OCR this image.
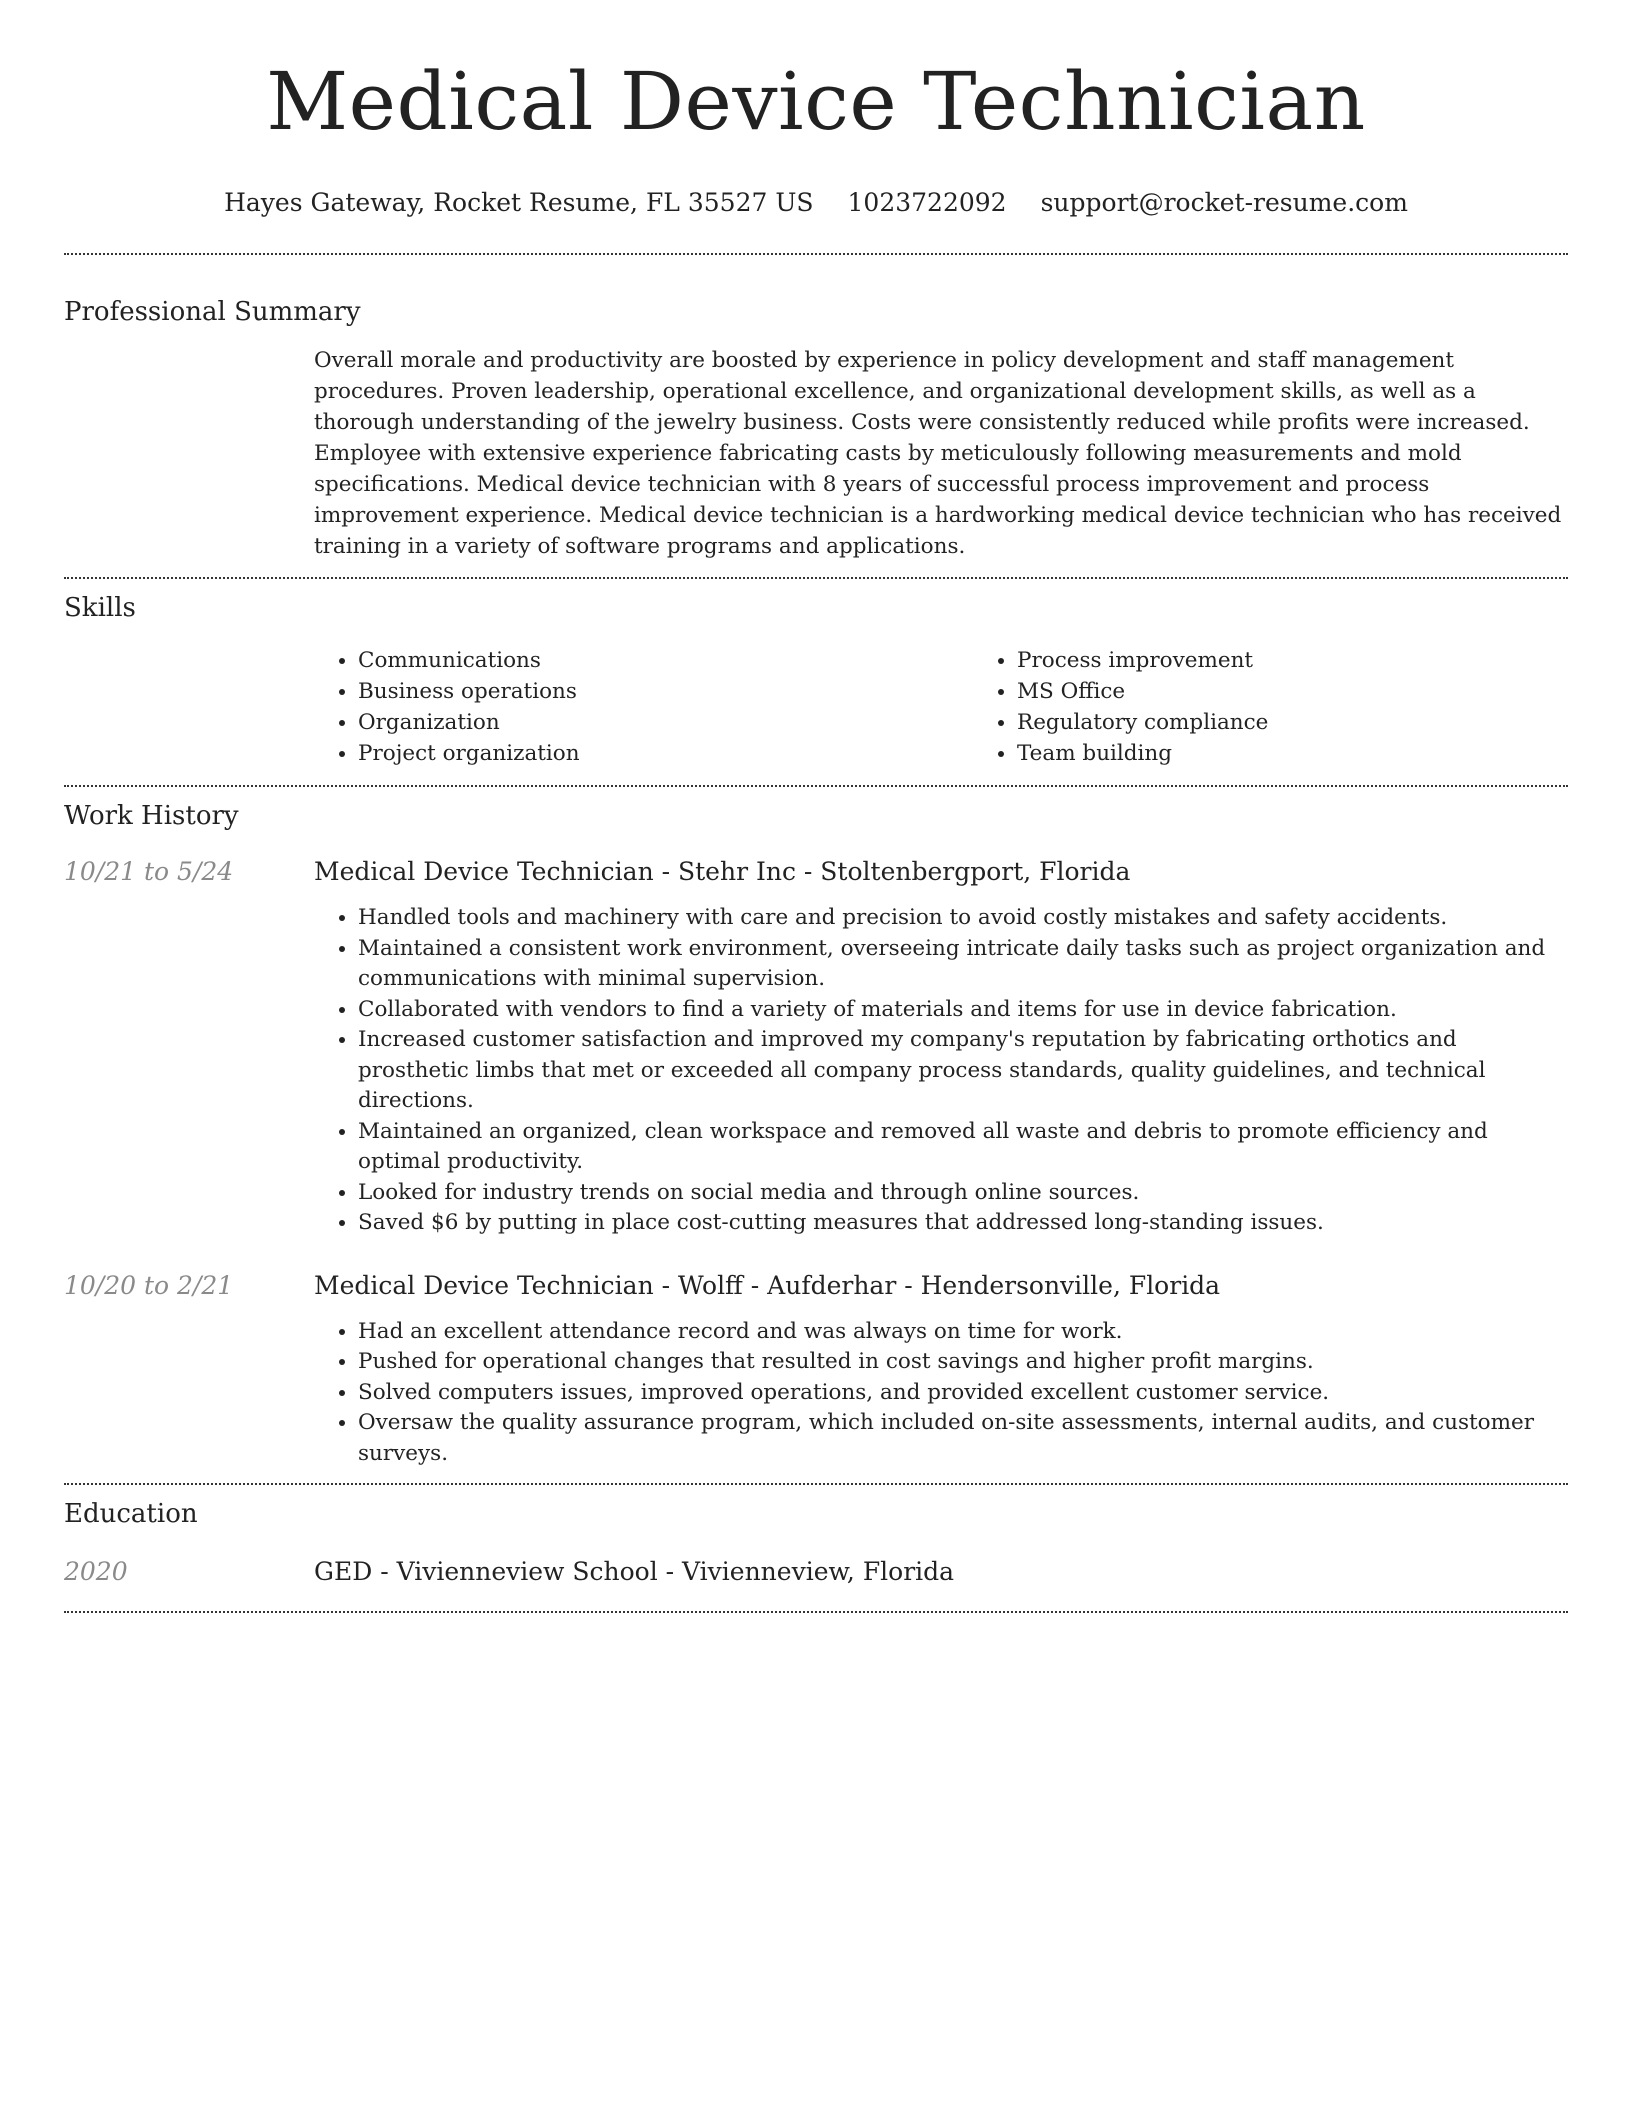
Medical Device Technician
Hayes Gateway, Rocket Resume, FL 35527 US 1023722092 support@rocket-resume.com
Professional Summary

Overall morale and productivity are boosted by experience in policy development and staff management procedures. Proven leadership, operational excellence, and organizational development skills, as well as a thorough understanding of the jewelry business. Costs were consistently reduced while profits were increased. Employee with extensive experience fabricating casts by meticulously following measurements and mold specifications. Medical device technician with 8 years of successful process improvement and process improvement experience. Medical device technician is a hardworking medical device technician who has received training in a variety of software programs and applications.

Skills
• Communications
• Business operations
• Organization
• Project organization
• Process improvement
• MS Office
• Regulatory compliance
• Team building
Work History
10/21 to 5/24	Medical Device Technician - Stehr Inc - Stoltenbergport, Florida
• Handled tools and machinery with care and precision to avoid costly mistakes and safety accidents.
• Maintained a consistent work environment, overseeing intricate daily tasks such as project organization and communications with minimal supervision.
• Collaborated with vendors to find a variety of materials and items for use in device fabrication.
• Increased customer satisfaction and improved my company's reputation by fabricating orthotics and prosthetic limbs that met or exceeded all company process standards, quality guidelines, and technical directions.
• Maintained an organized, clean workspace and removed all waste and debris to promote efficiency and optimal productivity.
• Looked for industry trends on social media and through online sources.
• Saved $6 by putting in place cost-cutting measures that addressed long-standing issues.
10/20 to 2/21	Medical Device Technician - Wolff - Aufderhar - Hendersonville, Florida
• Had an excellent attendance record and was always on time for work.
• Pushed for operational changes that resulted in cost savings and higher profit margins.
• Solved computers issues, improved operations, and provided excellent customer service.
• Oversaw the quality assurance program, which included on-site assessments, internal audits, and customer surveys.
Education
2020	GED - Vivienneview School - Vivienneview, Florida
